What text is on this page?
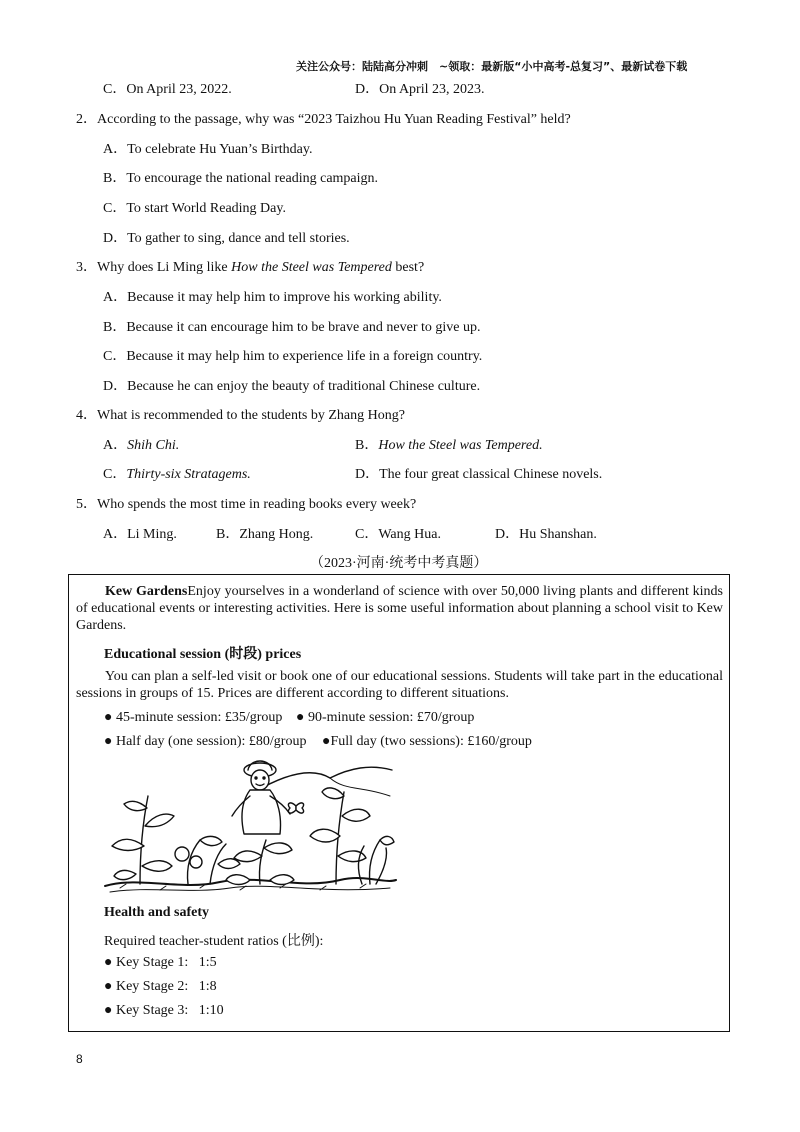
关注公众号：陆陆高分冲刺　~领取：最新版“小中高考-总复习”、最新试卷下载
C．On April 23, 2022.	D．On April 23, 2023.
2．According to the passage, why was “2023 Taizhou Hu Yuan Reading Festival” held?
A．To celebrate Hu Yuan’s Birthday.
B．To encourage the national reading campaign.
C．To start World Reading Day.
D．To gather to sing, dance and tell stories.
3．Why does Li Ming like How the Steel was Tempered best?
A．Because it may help him to improve his working ability.
B．Because it can encourage him to be brave and never to give up.
C．Because it may help him to experience life in a foreign country.
D．Because he can enjoy the beauty of traditional Chinese culture.
4．What is recommended to the students by Zhang Hong?
A．Shih Chi.	B．How the Steel was Tempered.
C．Thirty-six Stratagems.	D．The four great classical Chinese novels.
5．Who spends the most time in reading books every week?
A．Li Ming.	B．Zhang Hong.	C．Wang Hua.	D．Hu Shanshan.
（2023·河南·统考中考真题）
Kew GardensEnjoy yourselves in a wonderland of science with over 50,000 living plants and different kinds of educational events or interesting activities. Here is some useful information about planning a school visit to Kew Gardens.
Educational session (时段) prices
You can plan a self-led visit or book one of our educational sessions. Students will take part in the educational sessions in groups of 15. Prices are different according to different situations.
● 45-minute session: £35/group ● 90-minute session: £70/group
● Half day (one session): £80/group ●Full day (two sessions): £160/group
Health and safety
Required teacher-student ratios (比例):
● Key Stage 1:   1:5
● Key Stage 2:   1:8
● Key Stage 3:   1:10
8
